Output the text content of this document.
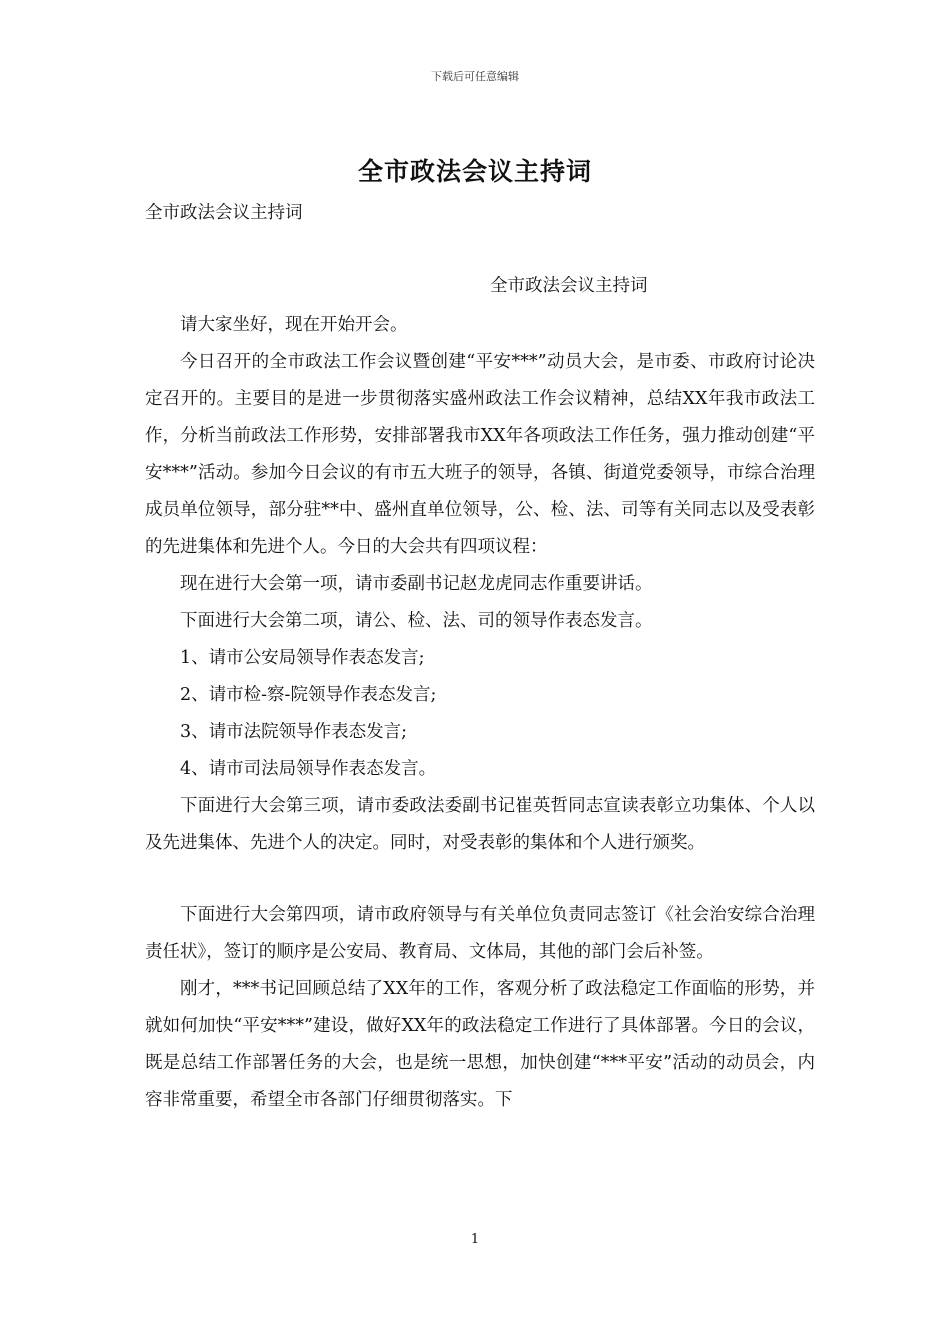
下载后可任意编辑
全市政法会议主持词
全市政法会议主持词
全市政法会议主持词

请大家坐好，现在开始开会。

今日召开的全市政法工作会议暨创建“平安***”动员大会，是市委、市政府讨论决定召开的。主要目的是进一步贯彻落实盛州政法工作会议精神，总结XX年我市政法工作，分析当前政法工作形势，安排部署我市XX年各项政法工作任务，强力推动创建“平安***”活动。参加今日会议的有市五大班子的领导，各镇、街道党委领导，市综合治理成员单位领导，部分驻**中、盛州直单位领导，公、检、法、司等有关同志以及受表彰的先进集体和先进个人。今日的大会共有四项议程：

现在进行大会第一项，请市委副书记赵龙虎同志作重要讲话。

下面进行大会第二项，请公、检、法、司的领导作表态发言。

1、请市公安局领导作表态发言;

2、请市检-察-院领导作表态发言;

3、请市法院领导作表态发言;

4、请市司法局领导作表态发言。

下面进行大会第三项，请市委政法委副书记崔英哲同志宣读表彰立功集体、个人以及先进集体、先进个人的决定。同时，对受表彰的集体和个人进行颁奖。

下面进行大会第四项，请市政府领导与有关单位负责同志签订《社会治安综合治理责任状》，签订的顺序是公安局、教育局、文体局，其他的部门会后补签。

刚才，***书记回顾总结了XX年的工作，客观分析了政法稳定工作面临的形势，并就如何加快“平安***”建设，做好XX年的政法稳定工作进行了具体部署。今日的会议，既是总结工作部署任务的大会，也是统一思想，加快创建“***平安”活动的动员会，内容非常重要，希望全市各部门仔细贯彻落实。下

1
